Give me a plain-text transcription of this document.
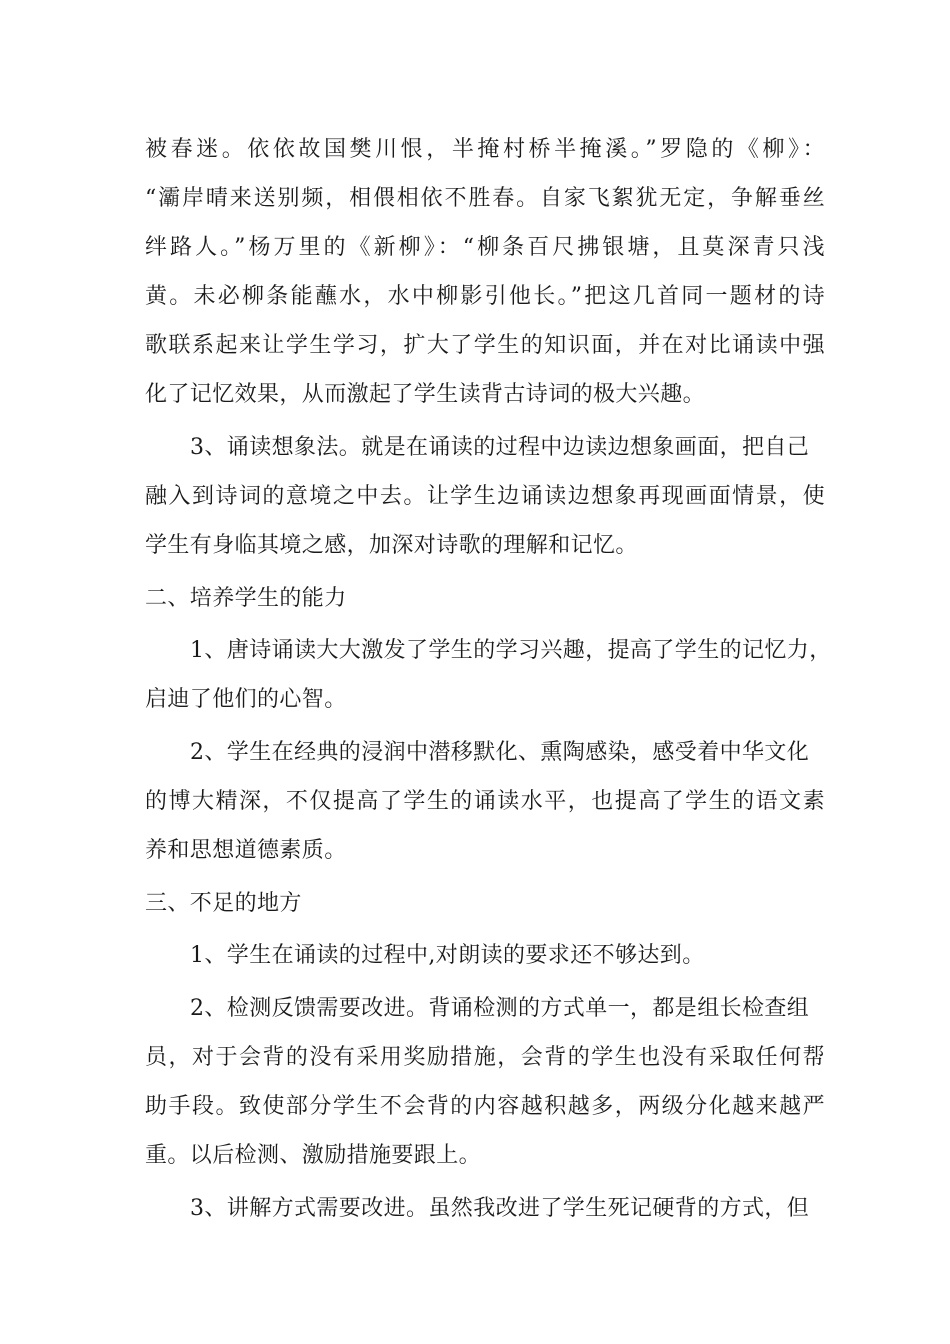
被春迷。依依故国樊川恨，半掩村桥半掩溪。”罗隐的《柳》：
“灞岸晴来送别频，相偎相依不胜春。自家飞絮犹无定，争解垂丝
绊路人。”杨万里的《新柳》：“柳条百尺拂银塘，且莫深青只浅
黄。未必柳条能蘸水，水中柳影引他长。”把这几首同一题材的诗
歌联系起来让学生学习，扩大了学生的知识面，并在对比诵读中强
化了记忆效果，从而激起了学生读背古诗词的极大兴趣。
3、诵读想象法。就是在诵读的过程中边读边想象画面，把自己
融入到诗词的意境之中去。让学生边诵读边想象再现画面情景，使
学生有身临其境之感，加深对诗歌的理解和记忆。
二、培养学生的能力
1、唐诗诵读大大激发了学生的学习兴趣，提高了学生的记忆力，
启迪了他们的心智。
2、学生在经典的浸润中潜移默化、熏陶感染，感受着中华文化
的博大精深，不仅提高了学生的诵读水平，也提高了学生的语文素
养和思想道德素质。
三、不足的地方
1、学生在诵读的过程中,对朗读的要求还不够达到。
2、检测反馈需要改进。背诵检测的方式单一，都是组长检查组
员，对于会背的没有采用奖励措施，会背的学生也没有采取任何帮
助手段。致使部分学生不会背的内容越积越多，两级分化越来越严
重。以后检测、激励措施要跟上。
3、讲解方式需要改进。虽然我改进了学生死记硬背的方式，但
